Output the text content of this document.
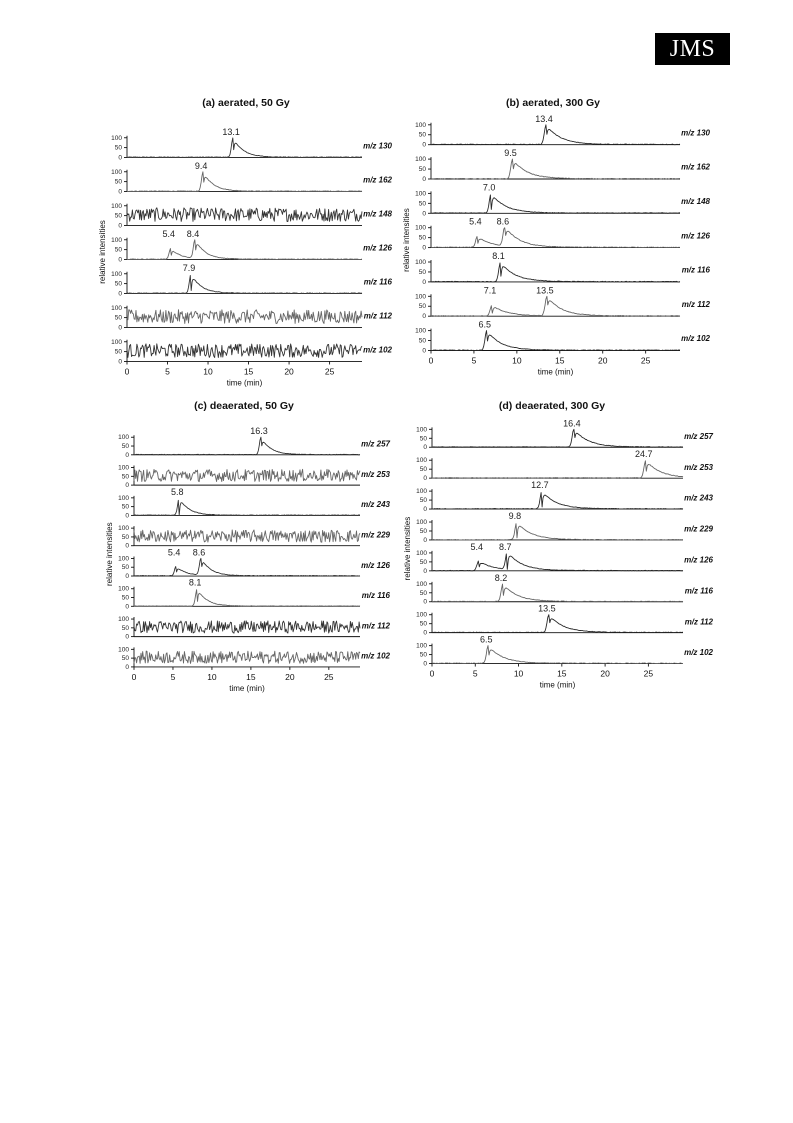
JMS
(a) aerated, 50 Gy
0
50
100
m/z 130
13.1
0
50
100
m/z 162
9.4
0
50
100
m/z 148
0
50
100
m/z 126
5.4 8.4
0
50
100
m/z 116
7.9
0
50
100
m/z 112
0
50
100
m/z 102
0	5	10	15	20	25
time (min)
relative intensities
(b) aerated, 300 Gy
0
50
100
m/z 130
13.4
0
50
100
m/z 162
9.5
0
50
100
m/z 148
7.0
0
50
100
m/z 126
5.4 8.6
0
50
100
m/z 116
8.1
0
50
100
m/z 112
7.1	13.5
0
50
100
m/z 102
6.5
0	5	10	15	20	25
time (min)
relative intensities
(c) deaerated, 50 Gy
0
50
100
m/z 257
16.3
0
50
100
m/z 253
0
50
100
m/z 243
5.8
0
50
100
m/z 229
0
50
100
m/z 126
5.4 8.6
0
50
100
m/z 116
8.1
0
50
100
m/z 112
0
50
100
m/z 102
0	5	10	15	20	25
time (min)
relative intensities
(d) deaerated, 300 Gy
0
50
100
m/z 257
16.4
0
50
100
m/z 253
24.7
0
50
100
m/z 243
12.7
0
50
100
m/z 229
9.8
0
50
100
m/z 126
5.4 8.7
0
50
100
m/z 116
8.2
0
50
100
m/z 112
13.5
0
50
100
m/z 102
6.5
0	5	10	15	20	25
time (min)
relative intensities
